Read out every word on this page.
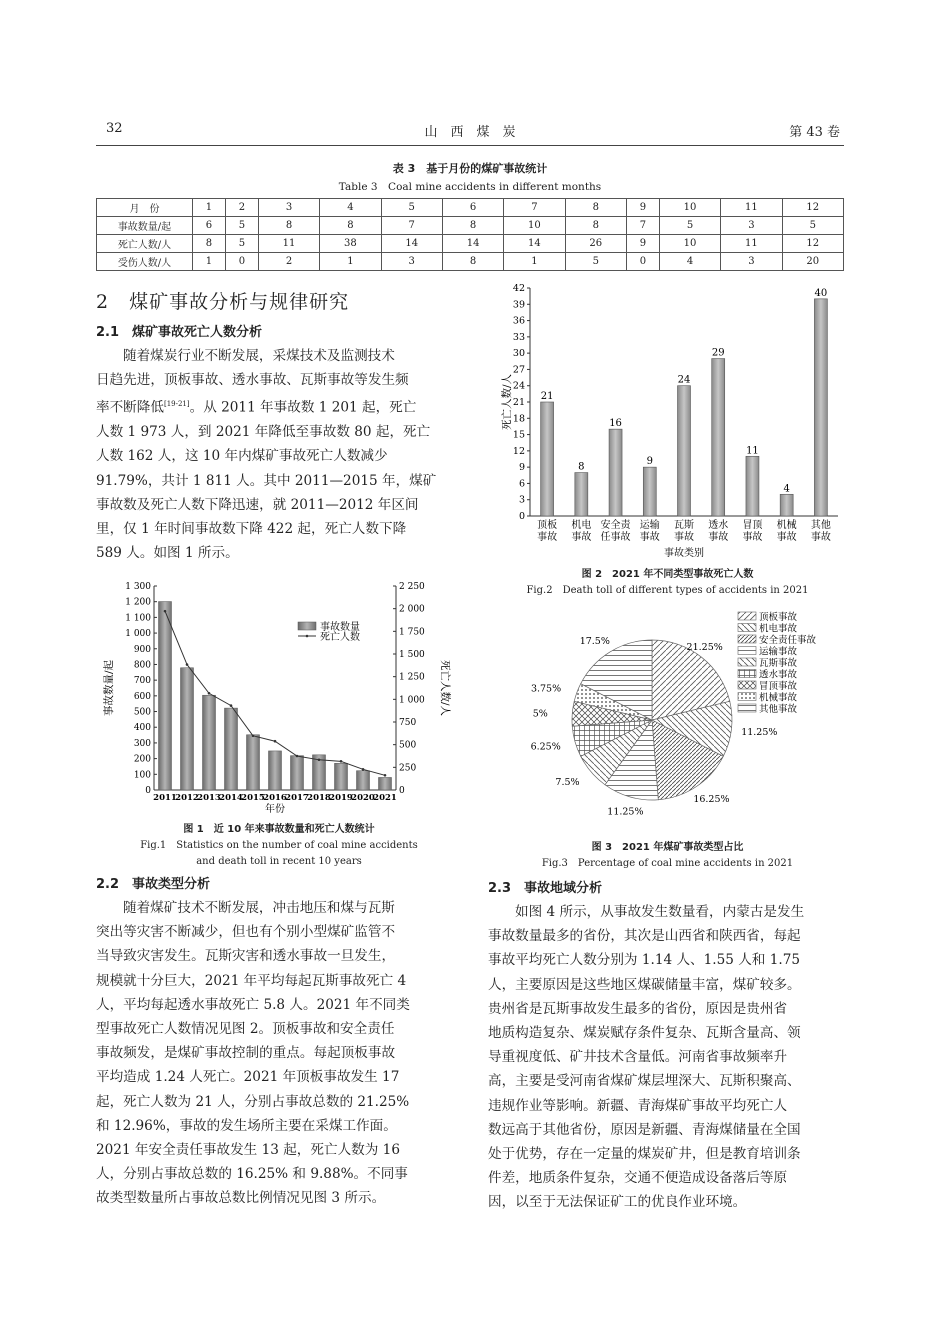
32	山　西　煤　炭	第 43 卷
表 3　基于月份的煤矿事故统计
Table 3　Coal mine accidents in different months
月　份	1	2	3	4	5	6	7	8	9	10	11	12
事故数量/起	6	5	8	8	7	8	10	8	7	5	3	5
死亡人数/人	8	5	11	38	14	14	14	26	9	10	11	12
受伤人数/人	1	0	2	1	3	8	1	5	0	4	3	20
2　煤矿事故分析与规律研究
2.1　煤矿事故死亡人数分析
随着煤炭行业不断发展，采煤技术及监测技术
日趋先进，顶板事故、透水事故、瓦斯事故等发生频
率不断降低[19-21]。从 2011 年事故数 1 201 起，死亡
人数 1 973 人，到 2021 年降低至事故数 80 起，死亡
人数 162 人，这 10 年内煤矿事故死亡人数减少
91.79%，共计 1 811 人。其中 2011—2015 年，煤矿
事故数及死亡人数下降迅速，就 2011—2012 年区间
里，仅 1 年时间事故数下降 422 起，死亡人数下降
589 人。如图 1 所示。
0
100
200
300
400
500
600
700
800
900
1 000
1 100
1 200
1 300
0
250
500
750
1 000
1 250
1 500
1 750
2 000
2 250
2011
2012
2013
2014
2015
2016
2017
2018
2019
2020
2021
年份
事故数量/起	死亡人数/人
事故数量
死亡人数
图 1　近 10 年来事故数量和死亡人数统计
Fig.1　Statistics on the number of coal mine accidents
and death toll in recent 10 years
2.2　事故类型分析
随着煤矿技术不断发展，冲击地压和煤与瓦斯
突出等灾害不断减少，但也有个别小型煤矿监管不
当导致灾害发生。瓦斯灾害和透水事故一旦发生，
规模就十分巨大，2021 年平均每起瓦斯事故死亡 4
人，平均每起透水事故死亡 5.8 人。2021 年不同类
型事故死亡人数情况见图 2。顶板事故和安全责任
事故频发，是煤矿事故控制的重点。每起顶板事故
平均造成 1.24 人死亡。2021 年顶板事故发生 17
起，死亡人数为 21 人，分别占事故总数的 21.25%
和 12.96%，事故的发生场所主要在采煤工作面。
2021 年安全责任事故发生 13 起，死亡人数为 16
人，分别占事故总数的 16.25% 和 9.88%。不同事
故类型数量所占事故总数比例情况见图 3 所示。
0
3
6
9
12
15
18
21
24
27
30
33
36
39
42
21
顶板
事故
8
机电
事故
16
安全责
任事故
9
运输
事故
24
瓦斯
事故
29
透水
事故
11
冒顶
事故
4
机械
事故
40
其他
事故
事故类别
死亡人数/人
图 2　2021 年不同类型事故死亡人数
Fig.2　Death toll of different types of accidents in 2021
21.25%
11.25%
16.25%
11.25%
7.5%
6.25%
5%
3.75%
17.5%
顶板事故
机电事故
安全责任事故
运输事故
瓦斯事故
透水事故
冒顶事故
机械事故
其他事故
图 3　2021 年煤矿事故类型占比
Fig.3　Percentage of coal mine accidents in 2021
2.3　事故地域分析
如图 4 所示，从事故发生数量看，内蒙古是发生
事故数量最多的省份，其次是山西省和陕西省，每起
事故平均死亡人数分别为 1.14 人、1.55 人和 1.75
人，主要原因是这些地区煤碳储量丰富，煤矿较多。
贵州省是瓦斯事故发生最多的省份，原因是贵州省
地质构造复杂、煤炭赋存条件复杂、瓦斯含量高、领
导重视度低、矿井技术含量低。河南省事故频率升
高，主要是受河南省煤矿煤层埋深大、瓦斯积聚高、
违规作业等影响。新疆、青海煤矿事故平均死亡人
数远高于其他省份，原因是新疆、青海煤储量在全国
处于优势，存在一定量的煤炭矿井，但是教育培训条
件差，地质条件复杂，交通不便造成设备落后等原
因，以至于无法保证矿工的优良作业环境。
